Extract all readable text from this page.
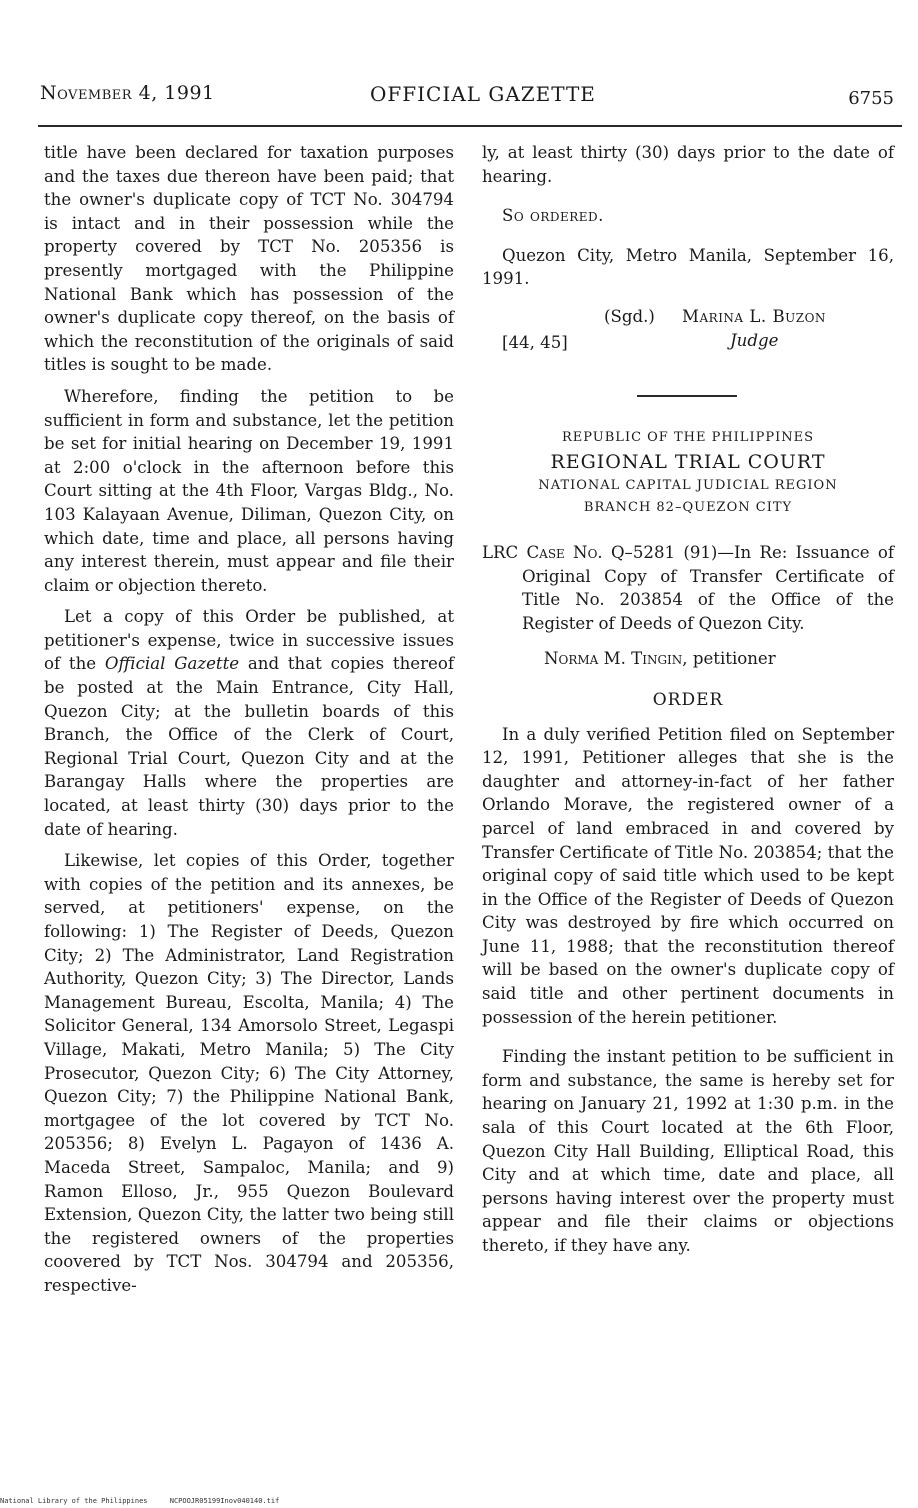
November 4, 1991	OFFICIAL GAZETTE	6755

title have been declared for taxation purposes and the taxes due thereon have been paid; that the owner's duplicate copy of TCT No. 304794 is intact and in their possession while the property covered by TCT No. 205356 is presently mortgaged with the Philippine National Bank which has possession of the owner's duplicate copy thereof, on the basis of which the reconstitution of the originals of said titles is sought to be made.

Wherefore, finding the petition to be sufficient in form and substance, let the petition be set for initial hearing on December 19, 1991 at 2:00 o'clock in the afternoon before this Court sitting at the 4th Floor, Vargas Bldg., No. 103 Kalayaan Avenue, Diliman, Quezon City, on which date, time and place, all persons having any interest therein, must appear and file their claim or objection thereto.

Let a copy of this Order be published, at petitioner's expense, twice in successive issues of the Official Gazette and that copies thereof be posted at the Main Entrance, City Hall, Quezon City; at the bulletin boards of this Branch, the Office of the Clerk of Court, Regional Trial Court, Quezon City and at the Barangay Halls where the properties are located, at least thirty (30) days prior to the date of hearing.

Likewise, let copies of this Order, together with copies of the petition and its annexes, be served, at petitioners' expense, on the following: 1) The Register of Deeds, Quezon City; 2) The Administrator, Land Registration Authority, Quezon City; 3) The Director, Lands Management Bureau, Escolta, Manila; 4) The Solicitor General, 134 Amorsolo Street, Legaspi Village, Makati, Metro Manila; 5) The City Prosecutor, Quezon City; 6) The City Attorney, Quezon City; 7) the Philippine National Bank, mortgagee of the lot covered by TCT No. 205356; 8) Evelyn L. Pagayon of 1436 A. Maceda Street, Sampaloc, Manila; and 9) Ramon Elloso, Jr., 955 Quezon Boulevard Extension, Quezon City, the latter two being still the registered owners of the properties coovered by TCT Nos. 304794 and 205356, respective-

ly, at least thirty (30) days prior to the date of hearing.

So ordered.

Quezon City, Metro Manila, September 16, 1991.

[44, 45]
(Sgd.) Marina L. Buzon
Judge
REPUBLIC OF THE PHILIPPINES
REGIONAL TRIAL COURT
NATIONAL CAPITAL JUDICIAL REGION
BRANCH 82–QUEZON CITY

LRC Case No. Q–5281 (91)—In Re: Issuance of Original Copy of Transfer Certificate of Title No. 203854 of the Office of the Register of Deeds of Quezon City.

Norma M. Tingin, petitioner
ORDER

In a duly verified Petition filed on September 12, 1991, Petitioner alleges that she is the daughter and attorney-in-fact of her father Orlando Morave, the registered owner of a parcel of land embraced in and covered by Transfer Certificate of Title No. 203854; that the original copy of said title which used to be kept in the Office of the Register of Deeds of Quezon City was destroyed by fire which occurred on June 11, 1988; that the reconstitution thereof will be based on the owner's duplicate copy of said title and other pertinent documents in possession of the herein petitioner.

Finding the instant petition to be sufficient in form and substance, the same is hereby set for hearing on January 21, 1992 at 1:30 p.m. in the sala of this Court located at the 6th Floor, Quezon City Hall Building, Elliptical Road, this City and at which time, date and place, all persons having interest over the property must appear and file their claims or objections thereto, if they have any.

National Library of the Philippines	NCPOOJR05199Inov040140.tif
